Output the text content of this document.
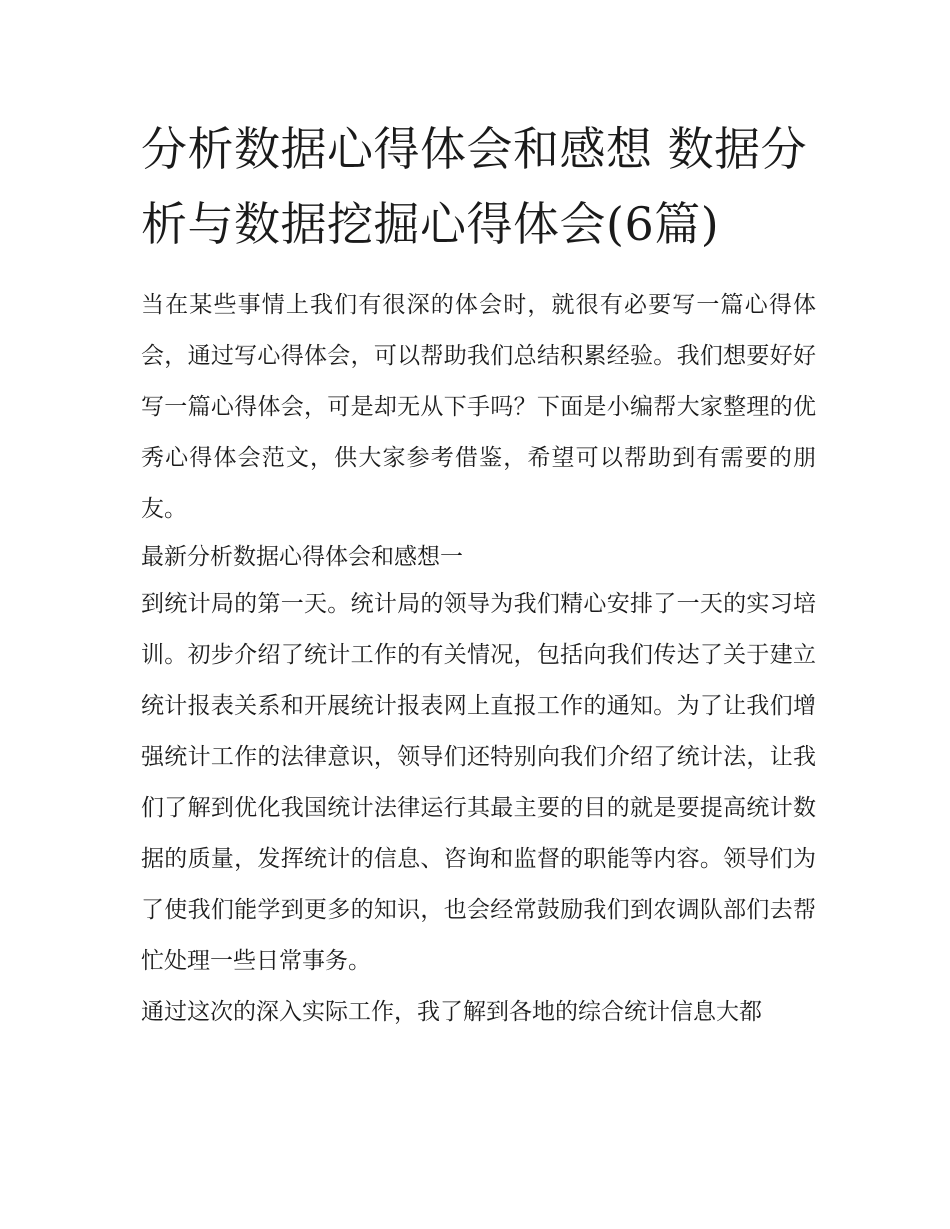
分析数据心得体会和感想 数据分析与数据挖掘心得体会(6篇)

当在某些事情上我们有很深的体会时，就很有必要写一篇心得体会，通过写心得体会，可以帮助我们总结积累经验。我们想要好好写一篇心得体会，可是却无从下手吗？下面是小编帮大家整理的优秀心得体会范文，供大家参考借鉴，希望可以帮助到有需要的朋友。

最新分析数据心得体会和感想一

到统计局的第一天。统计局的领导为我们精心安排了一天的实习培训。初步介绍了统计工作的有关情况，包括向我们传达了关于建立统计报表关系和开展统计报表网上直报工作的通知。为了让我们增强统计工作的法律意识，领导们还特别向我们介绍了统计法，让我们了解到优化我国统计法律运行其最主要的目的就是要提高统计数据的质量，发挥统计的信息、咨询和监督的职能等内容。领导们为了使我们能学到更多的知识，也会经常鼓励我们到农调队部们去帮忙处理一些日常事务。

通过这次的深入实际工作，我了解到各地的综合统计信息大都
